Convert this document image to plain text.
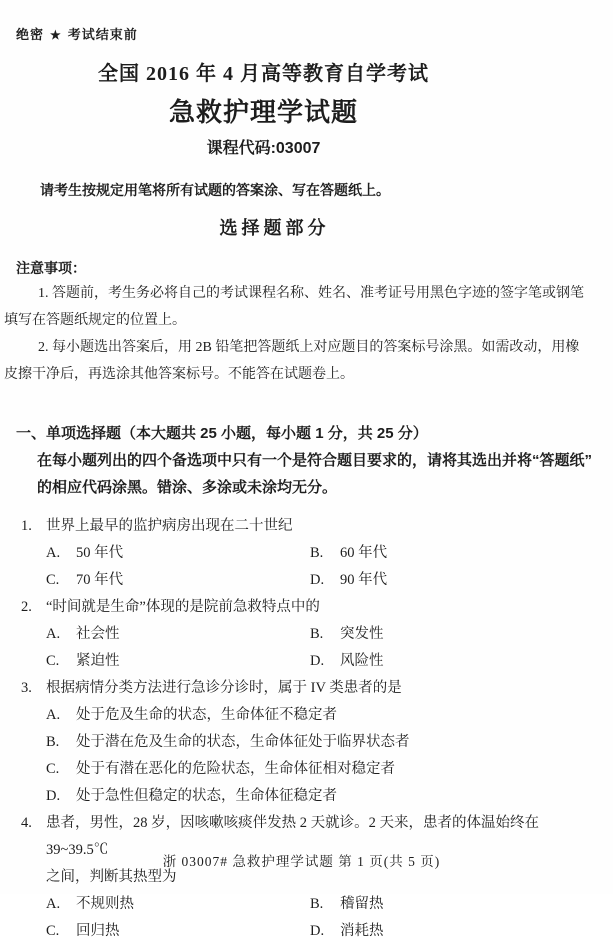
绝密 ★ 考试结束前
全国 2016 年 4 月高等教育自学考试
急救护理学试题
课程代码:03007

请考生按规定用笔将所有试题的答案涂、写在答题纸上。

选择题部分
注意事项：

1. 答题前，考生务必将自己的考试课程名称、姓名、准考证号用黑色字迹的签字笔或钢笔

填写在答题纸规定的位置上。

2. 每小题选出答案后，用 2B 铅笔把答题纸上对应题目的答案标号涂黑。如需改动，用橡

皮擦干净后，再选涂其他答案标号。不能答在试题卷上。

一、单项选择题（本大题共 25 小题，每小题 1 分，共 25 分）

在每小题列出的四个备选项中只有一个是符合题目要求的，请将其选出并将“答题纸”

的相应代码涂黑。错涂、多涂或未涂均无分。

1. 世界上最早的监护病房出现在二十世纪
A. 50 年代	B. 60 年代
C. 70 年代	D. 90 年代
2. “时间就是生命”体现的是院前急救特点中的
A. 社会性	B. 突发性
C. 紧迫性	D. 风险性
3. 根据病情分类方法进行急诊分诊时，属于 IV 类患者的是
A. 处于危及生命的状态，生命体征不稳定者
B. 处于潜在危及生命的状态，生命体征处于临界状态者
C. 处于有潜在恶化的危险状态，生命体征相对稳定者
D. 处于急性但稳定的状态，生命体征稳定者
4. 患者，男性，28 岁，因咳嗽咳痰伴发热 2 天就诊。2 天来，患者的体温始终在 39~39.5℃
之间，判断其热型为
A. 不规则热	B. 稽留热
C. 回归热	D. 消耗热
浙 03007# 急救护理学试题 第 1 页(共 5 页)
